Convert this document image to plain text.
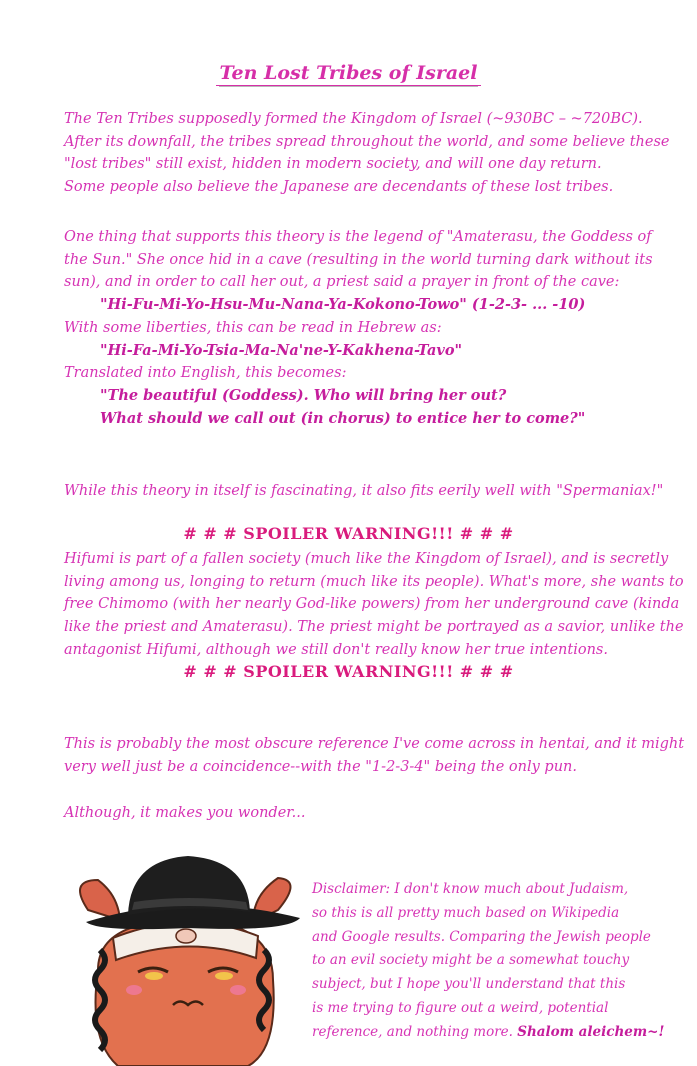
Ten Lost Tribes of Israel
The Ten Tribes supposedly formed the Kingdom of Israel (~930BC – ~720BC).
After its downfall, the tribes spread throughout the world, and some believe these
"lost tribes" still exist, hidden in modern society, and will one day return.
Some people also believe the Japanese are decendants of these lost tribes.
One thing that supports this theory is the legend of "Amaterasu, the Goddess of
the Sun." She once hid in a cave (resulting in the world turning dark without its
sun), and in order to call her out, a priest said a prayer in front of the cave:
"Hi-Fu-Mi-Yo-Hsu-Mu-Nana-Ya-Kokono-Towo" (1-2-3- ... -10)
With some liberties, this can be read in Hebrew as:
"Hi-Fa-Mi-Yo-Tsia-Ma-Na'ne-Y-Kakhena-Tavo"
Translated into English, this becomes:
"The beautiful (Goddess). Who will bring her out?
What should we call out (in chorus) to entice her to come?"
While this theory in itself is fascinating, it also fits eerily well with "Spermaniax!"
# # # SPOILER WARNING!!! # # #
Hifumi is part of a fallen society (much like the Kingdom of Israel), and is secretly
living among us, longing to return (much like its people). What's more, she wants to
free Chimomo (with her nearly God-like powers) from her underground cave (kinda
like the priest and Amaterasu). The priest might be portrayed as a savior, unlike the
antagonist Hifumi, although we still don't really know her true intentions.
# # # SPOILER WARNING!!! # # #
This is probably the most obscure reference I've come across in hentai, and it might
very well just be a coincidence--with the "1-2-3-4" being the only pun.
Although, it makes you wonder...
Disclaimer: I don't know much about Judaism,
so this is all pretty much based on Wikipedia
and Google results. Comparing the Jewish people
to an evil society might be a somewhat touchy
subject, but I hope you'll understand that this
is me trying to figure out a weird, potential
reference, and nothing more. Shalom aleichem~!
